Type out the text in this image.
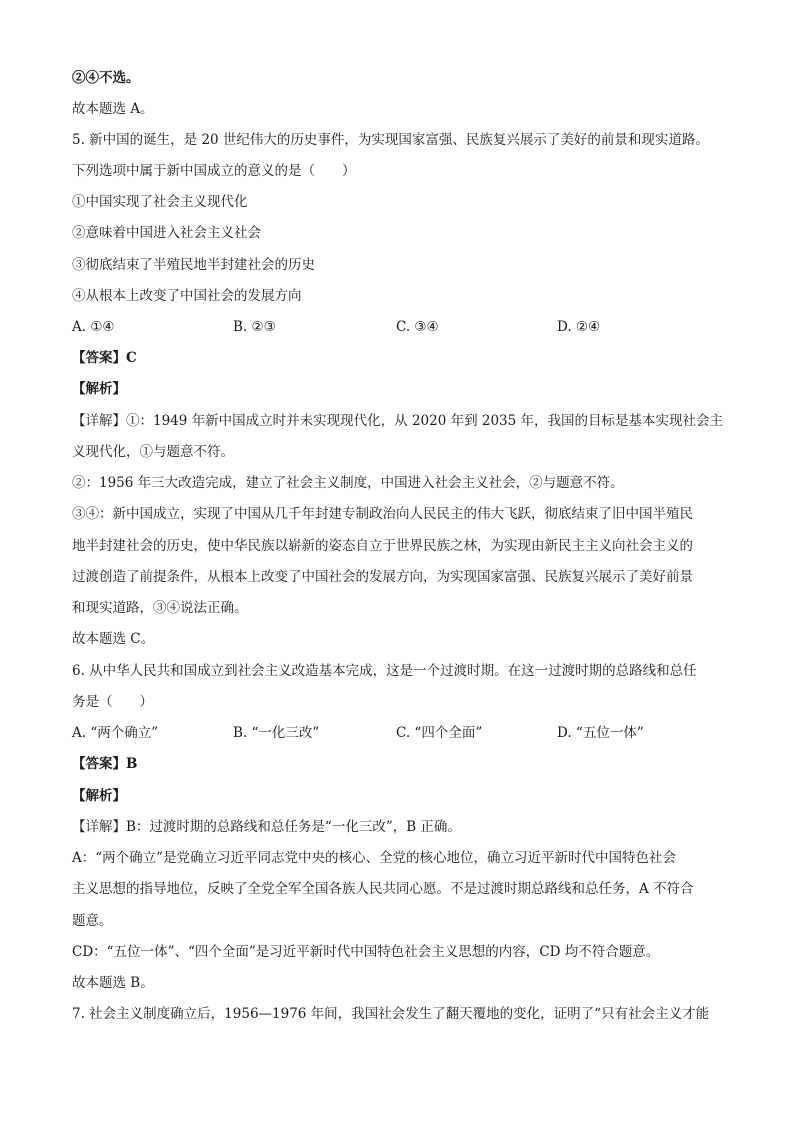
②④不选。
故本题选 A。
5. 新中国的诞生，是 20 世纪伟大的历史事件，为实现国家富强、民族复兴展示了美好的前景和现实道路。
下列选项中属于新中国成立的意义的是（　　）
①中国实现了社会主义现代化
②意味着中国进入社会主义社会
③彻底结束了半殖民地半封建社会的历史
④从根本上改变了中国社会的发展方向
A. ①④	B. ②③	C. ③④	D. ②④
【答案】C
【解析】
【详解】①：1949 年新中国成立时并未实现现代化，从 2020 年到 2035 年，我国的目标是基本实现社会主
义现代化，①与题意不符。
②：1956 年三大改造完成，建立了社会主义制度，中国进入社会主义社会，②与题意不符。
③④：新中国成立，实现了中国从几千年封建专制政治向人民民主的伟大飞跃，彻底结束了旧中国半殖民
地半封建社会的历史，使中华民族以崭新的姿态自立于世界民族之林，为实现由新民主主义向社会主义的
过渡创造了前提条件，从根本上改变了中国社会的发展方向，为实现国家富强、民族复兴展示了美好前景
和现实道路，③④说法正确。
故本题选 C。
6. 从中华人民共和国成立到社会主义改造基本完成，这是一个过渡时期。在这一过渡时期的总路线和总任
务是（　　）
A. “两个确立”	B. “一化三改”	C. “四个全面”	D. “五位一体”
【答案】B
【解析】
【详解】B：过渡时期的总路线和总任务是“一化三改”，B 正确。
A：“两个确立”是党确立习近平同志党中央的核心、全党的核心地位，确立习近平新时代中国特色社会
主义思想的指导地位，反映了全党全军全国各族人民共同心愿。不是过渡时期总路线和总任务，A 不符合
题意。
CD：“五位一体”、“四个全面”是习近平新时代中国特色社会主义思想的内容，CD 均不符合题意。
故本题选 B。
7. 社会主义制度确立后，1956—1976 年间，我国社会发生了翻天覆地的变化，证明了“只有社会主义才能
